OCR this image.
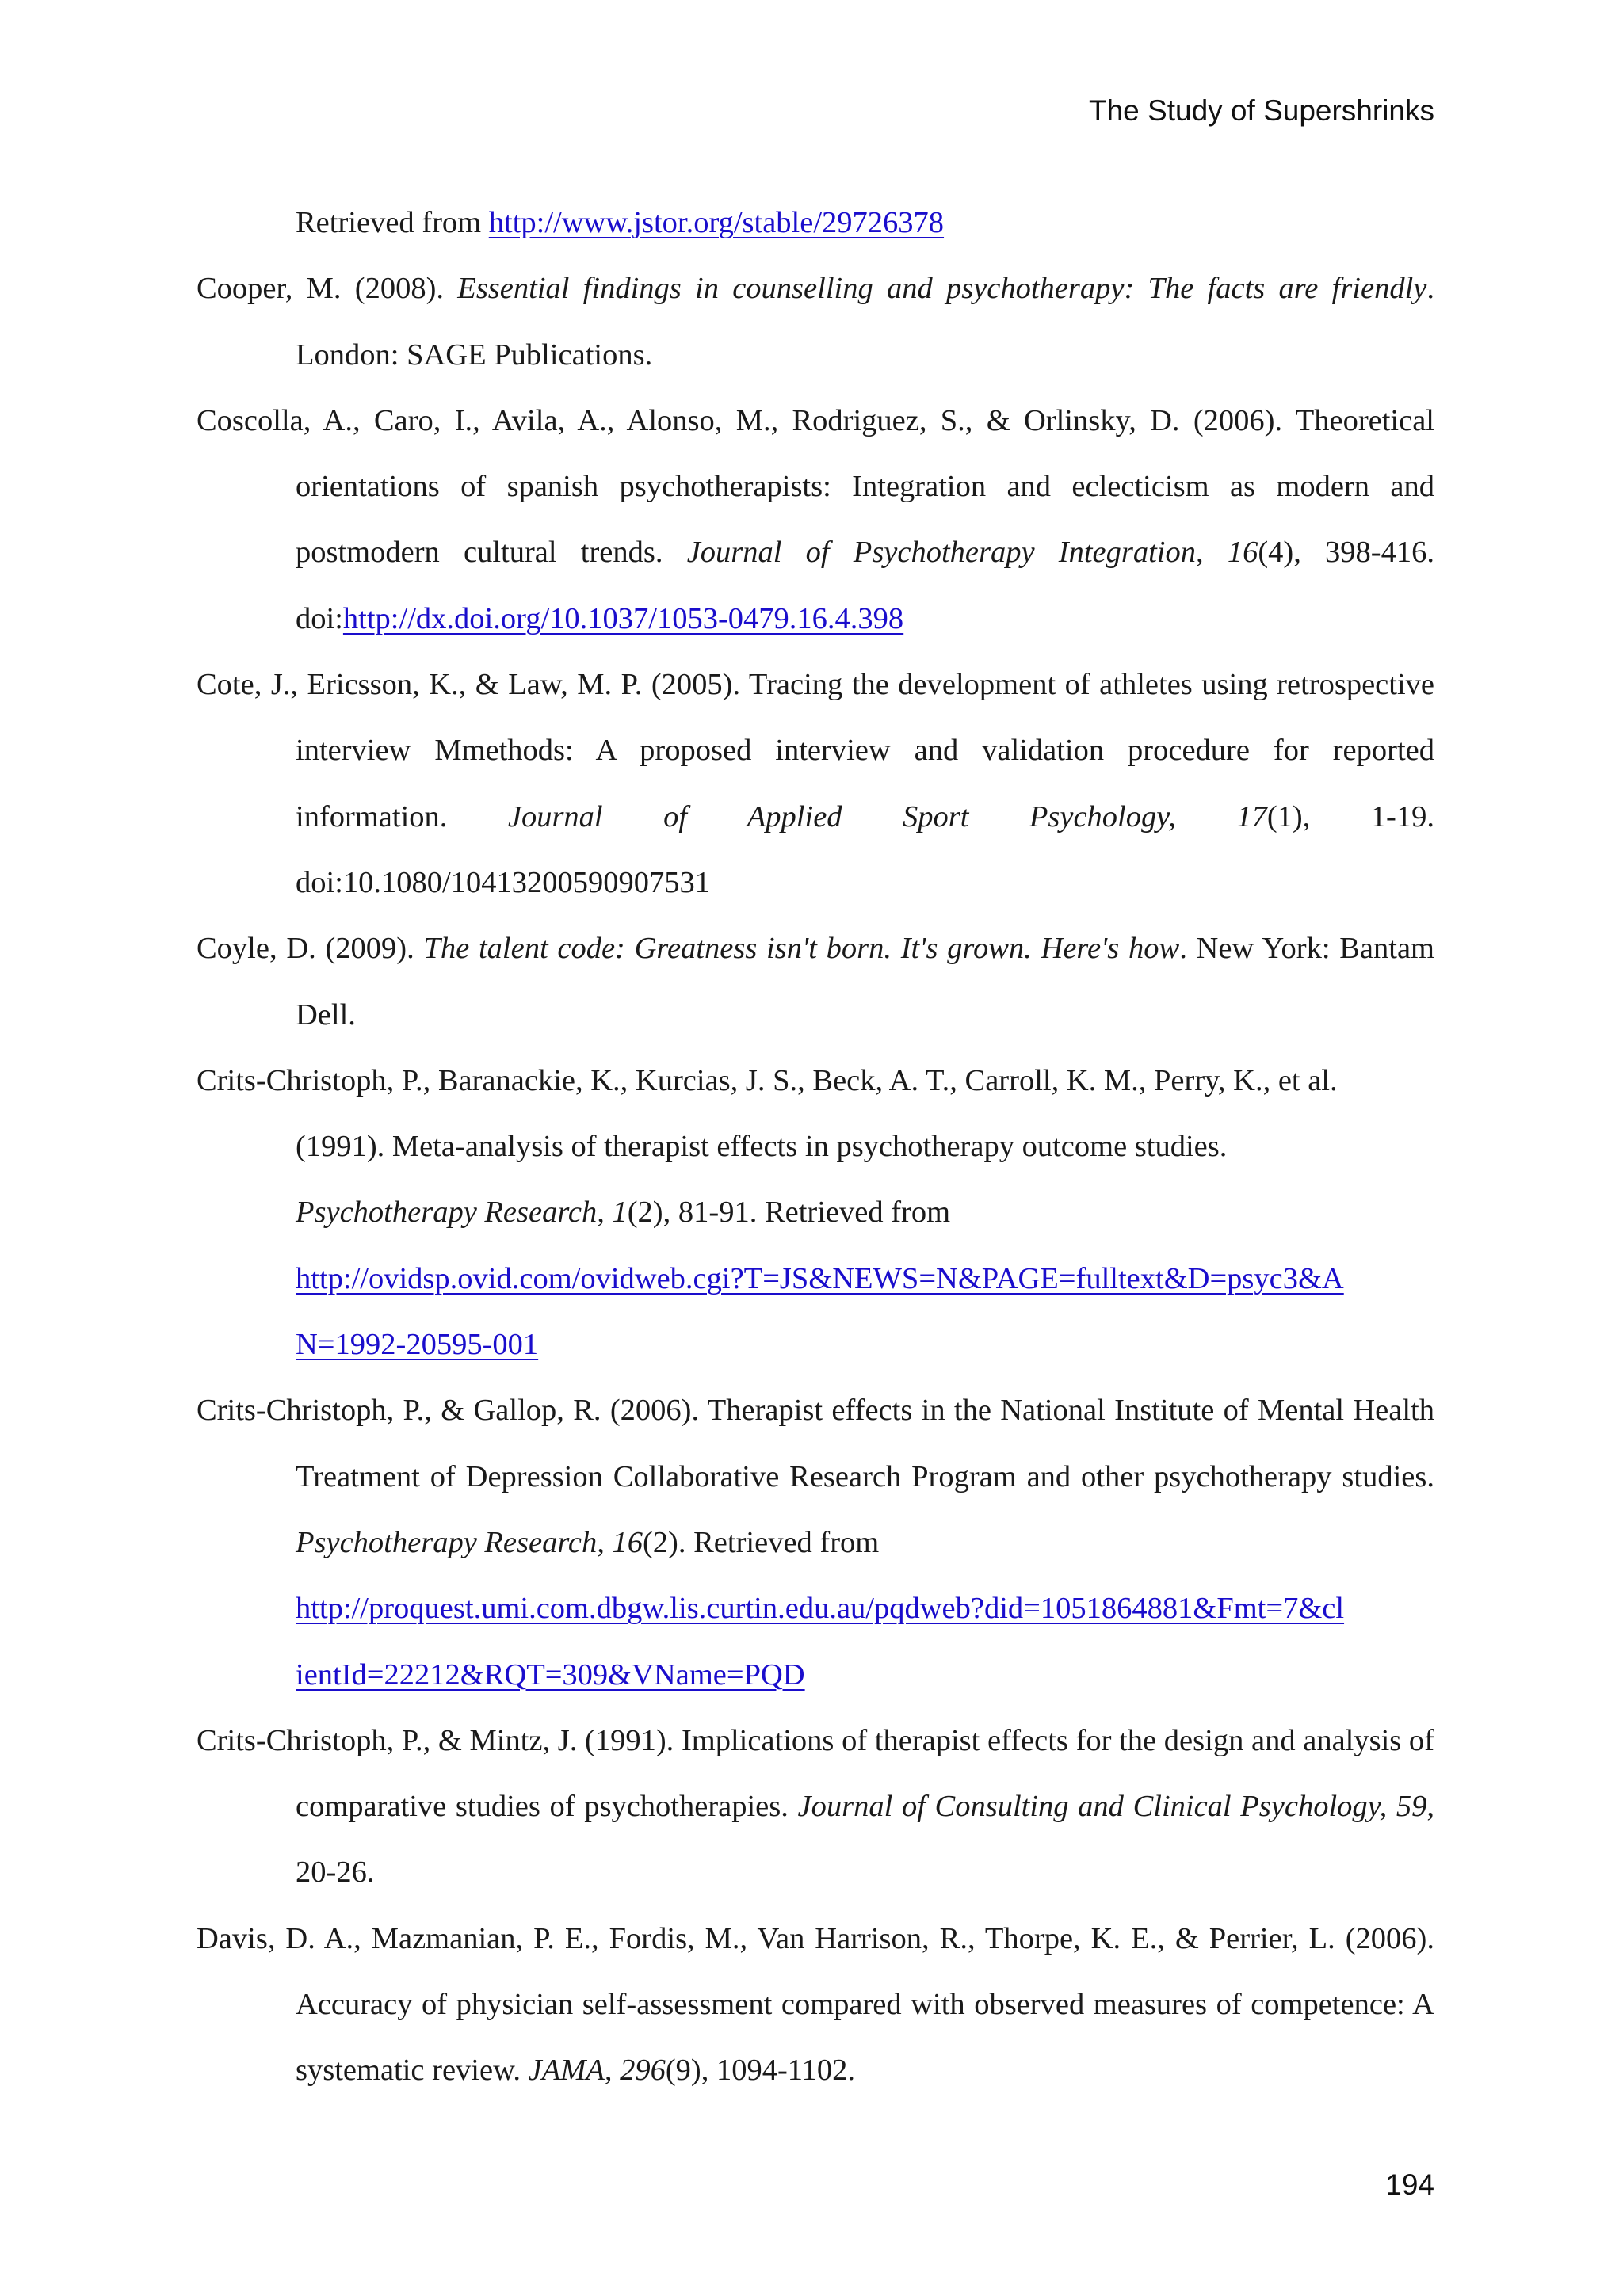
The Study of Supershrinks

Retrieved from http://www.jstor.org/stable/29726378

Cooper, M. (2008). Essential findings in counselling and psychotherapy: The facts are friendly. London: SAGE Publications.

Coscolla, A., Caro, I., Avila, A., Alonso, M., Rodriguez, S., & Orlinsky, D. (2006). Theoretical orientations of spanish psychotherapists: Integration and eclecticism as modern and postmodern cultural trends. Journal of Psychotherapy Integration, 16(4), 398-416. doi:http://dx.doi.org/10.1037/1053-0479.16.4.398

Cote, J., Ericsson, K., & Law, M. P. (2005). Tracing the development of athletes using retrospective interview Mmethods: A proposed interview and validation procedure for reported information. Journal of Applied Sport Psychology, 17(1), 1-19. doi:10.1080/10413200590907531

Coyle, D. (2009). The talent code: Greatness isn't born. It's grown. Here's how. New York: Bantam Dell.

Crits-Christoph, P., Baranackie, K., Kurcias, J. S., Beck, A. T., Carroll, K. M., Perry, K., et al.
(1991). Meta-analysis of therapist effects in psychotherapy outcome studies.
Psychotherapy Research, 1(2), 81-91. Retrieved from
http://ovidsp.ovid.com/ovidweb.cgi?T=JS&NEWS=N&PAGE=fulltext&D=psyc3&A
N=1992-20595-001

Crits-Christoph, P., & Gallop, R. (2006). Therapist effects in the National Institute of Mental Health Treatment of Depression Collaborative Research Program and other psychotherapy studies. Psychotherapy Research, 16(2). Retrieved from
http://proquest.umi.com.dbgw.lis.curtin.edu.au/pqdweb?did=1051864881&Fmt=7&cl
ientId=22212&RQT=309&VName=PQD

Crits-Christoph, P., & Mintz, J. (1991). Implications of therapist effects for the design and analysis of comparative studies of psychotherapies. Journal of Consulting and Clinical Psychology, 59, 20-26.

Davis, D. A., Mazmanian, P. E., Fordis, M., Van Harrison, R., Thorpe, K. E., & Perrier, L. (2006). Accuracy of physician self-assessment compared with observed measures of competence: A systematic review. JAMA, 296(9), 1094-1102.

194
